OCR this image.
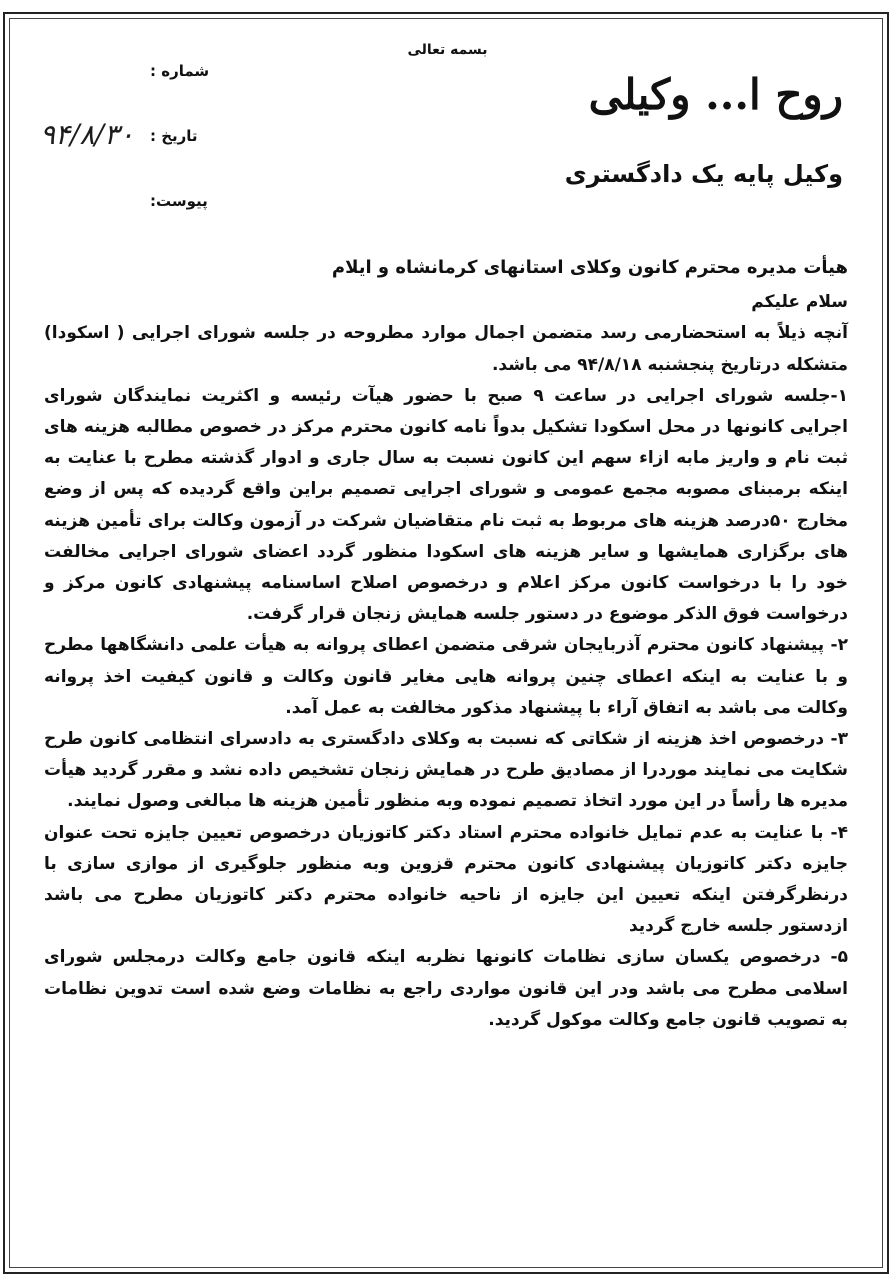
بسمه تعالی
روح ا... وکیلی
وکیل پایه یک دادگستری
شماره :
تاریخ :
۹۴/۸/۳۰
پیوست:

هیأت مدیره محترم کانون وکلای استانهای کرمانشاه و ایلام

سلام علیکم

آنچه ذیلاً به استحضارمی رسد متضمن اجمال موارد مطروحه در جلسه شورای اجرایی ( اسکودا) متشکله درتاریخ پنجشنبه ۹۴/۸/۱۸ می باشد.

۱-جلسه شورای اجرایی در ساعت ۹ صبح با حضور هیآت رئیسه و اکثریت نمایندگان شورای اجرایی کانونها در محل اسکودا تشکیل بدواً نامه کانون محترم مرکز در خصوص مطالبه هزینه های ثبت نام و واریز مابه ازاء سهم این کانون نسبت به سال جاری و ادوار گذشته مطرح با عنایت به اینکه برمبنای مصوبه مجمع عمومی و شورای اجرایی تصمیم براین واقع گردیده که پس از وضع مخارج ۵۰درصد هزینه های مربوط به ثبت نام متقاضیان شرکت در آزمون وکالت برای تأمین هزینه های برگزاری همایشها و سایر هزینه های اسکودا منظور گردد اعضای شورای اجرایی مخالفت خود را با درخواست کانون مرکز اعلام و درخصوص اصلاح اساسنامه پیشنهادی کانون مرکز و درخواست فوق الذکر موضوع در دستور جلسه همایش زنجان قرار گرفت.

۲- پیشنهاد کانون محترم آذربایجان شرقی متضمن اعطای پروانه به هیأت علمی دانشگاهها مطرح و با عنایت به اینکه اعطای چنین پروانه هایی مغایر قانون وکالت و قانون کیفیت اخذ پروانه وکالت می باشد به اتفاق آراء با پیشنهاد مذکور مخالفت به عمل آمد.

۳- درخصوص اخذ هزینه از شکاتی که نسبت به وکلای دادگستری به دادسرای انتظامی کانون طرح شکایت می نمایند موردرا از مصادیق طرح در همایش زنجان تشخیص داده نشد و مقرر گردید هیأت مدیره ها رأساً در این مورد اتخاذ تصمیم نموده وبه منظور تأمین هزینه ها مبالغی وصول نمایند.

۴- با عنایت به عدم تمایل خانواده محترم استاد دکتر کاتوزیان درخصوص تعیین جایزه تحت عنوان جایزه دکتر کاتوزیان پیشنهادی کانون محترم قزوین وبه منظور جلوگیری از موازی سازی با درنظرگرفتن اینکه تعیین این جایزه از ناحیه خانواده محترم دکتر کاتوزیان مطرح می باشد ازدستور جلسه خارج گردید

۵- درخصوص یکسان سازی نظامات کانونها نظربه اینکه قانون جامع وکالت درمجلس شورای اسلامی مطرح می باشد ودر این قانون مواردی راجع به نظامات وضع شده است تدوین نظامات به تصویب قانون جامع وکالت موکول گردید.
